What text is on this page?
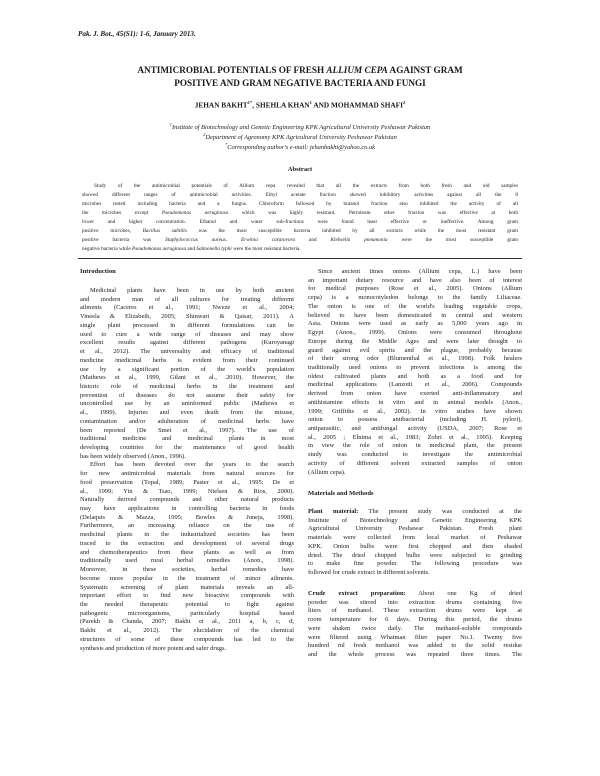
Pak. J. Bot., 45(S1): 1-6, January 2013.
ANTIMICROBIAL POTENTIALS OF FRESH ALLIUM CEPA AGAINST GRAM
POSITIVE AND GRAM NEGATIVE BACTERIA AND FUNGI
JEHAN $BAKHT^{1*}$, SHEHLA KHAN$^1$ AND MOHAMMAD SHAFI$^2$
$^1$Institute of Biotechnology and Genetic Engineering KPK Agricultural University Peshawar Pakistan
$^2$Department of Agronomy KPK Agricultural University Peshawar Pakistan
*Corresponding author's e-mail: jehanbakht@yahoo.co.uk
Abstract
Study of the antimicrobial potentials of Allium cepa revealed that all the extracts from both fresh and old samples
showed different ranges of antimicrobial activities. Ethyl acetate fraction showed inhibitory activities against all the 8
microbes tested including bacteria and a fungus. Chloroform followed by butanol fraction also inhibited the activity of all
the microbes except Pseudomonas aeruginosa which was highly resistant. Petroleum ether fraction was effective at both
lower and higher concentration. Ethanol and water sub-fractions were found least effective or ineffective. Among gram
positive microbes, Bacillus subtilis was the most susceptible bacteria inhibited by all extracts while the most resistant gram
positive bacteria was Staphylococcus aureus. Erwinia caratovora and Klebsella pneumonia were the most susceptible gram
negative bacteria while Pseudomonas aeruginosa and Salmonella typhi were the most resistant bacteria.
Introduction
Medicinal plants have been in use by both ancient
and modern man of all cultures for treating different
ailments (Caceres et al., 1991; Nweze et al., 2004;
Vineela & Elizabeth, 2005; Shinwari & Qaisar, 2011). A
single plant processed in different formulations can be
used to cure a wide range of diseases and may show
excellent results against different pathogens (Kuroyanagi
et al., 2012). The universality and efficacy of traditional
medicine /medicinal herbs is evident from their continued
use by a significant portion of the world's population
(Mathews et al., 1999, Gilani et al., 2010). However, the
historic role of medicinal herbs in the treatment and
prevention of diseases do not assume their safety for
uncontrolled use by an uninformed public (Mathews et
al., 1999). Injuries and even death from the misuse,
contamination and/or adulteration of medicinal herbs have
been reported (De Smet et al., 1997). The use of
traditional medicine and medicinal plants in most
developing countries for the maintenance of good health
has been widely observed (Anon., 1996).
Effort has been devoted over the years to the search
for new antimicrobial materials from natural sources for
food preservation (Topal, 1989; Paster et al., 1995; De et
al., 1999; Yin & Tsao, 1999; Nielsen & Rios, 2000).
Naturally derived compounds and other natural products
may have applications in controlling bacteria in foods
(Delaquis & Mazza, 1995; Bowles & Juneja, 1998).
Furthermore, an increasing reliance on the use of
medicinal plants in the industrialized societies has been
traced to the extraction and development of several drugs
and chemotherapeutics from these plants as well as from
traditionally used rural herbal remedies (Anon., 1998).
Moreover, in these societies, herbal remedies have
become more popular in the treatment of minor ailments.
Systematic screening of plant materials reveals an all-
important effort to find new bioactive compounds with
the needed therapeutic potential to fight against
pathogenic microorganisms, particularly hospital based
(Parekh & Chanda, 2007; Bakht et al., 2011 a, b, c, d;
Bakht et al., 2012). The elucidation of the chemical
structures of some of these compounds has led to the
synthesis and production of more potent and safer drugs.
Since ancient times onions (Allium cepa, L.) have been
an important dietary resource and have also been of interest
for medical purposes (Rose et al., 2005). Onions (Allium
cepa) is a monocotyledon belongs to the family Liliaceae.
The onion is one of the world's leading vegetable crops,
believed to have been domesticated in central and western
Asia. Onions were used as early as 5,000 years ago in
Egypt (Anon., 1999). Onions were consumed throughout
Europe during the Middle Ages and were later thought to
guard against evil spirits and the plague, probably because
of their strong odor (Blumenthal et al., 1998). Folk healers
traditionally used onions to prevent infections is among the
oldest cultivated plants and both as a food and for
medicinal applications (Lanzotti et al., 2006). Compounds
derived from onion have exerted anti-inflammatory and
antihistamine effects in vitro and in animal models (Anon.,
1999; Griffiths et al., 2002). In vitro studies have shown
onion to possess antibacterial (including H. pylori),
antiparasitic, and antifungal activity (USDA, 2007; Rose et
al., 2005 ; Elnima et al., 1983; Zohri et al., 1995). Keeping
in view the role of onion in medicinal plant, the present
study was conducted to investigate the antimicrobial
activity of different solvent extracted samples of onion
(Allium cepa).
Materials and Methods
Plant material: The present study was conducted at the
Institute of Biotechnology and Genetic Engineering KPK
Agricultural University Peshawar Pakistan. Fresh plant
materials were collected from local market of Peshawar
KPK. Onion bulbs were first chopped and then shaded
dried. The dried chopped bulbs were subjected to grinding
to make fine powder. The following procedure was
followed for crude extract in different solvents.
Crude extract preparation: About one Kg of dried
powder was stirred into extraction drums containing five
liters of methanol. These extraction drums were kept at
room temperature for 6 days. During this period, the drums
were shaken twice daily. The methanol-soluble compounds
were filtered using Whatman filter paper No.1. Twenty five
hundred ml fresh methanol was added to the solid residue
and the whole process was repeated three times. The
